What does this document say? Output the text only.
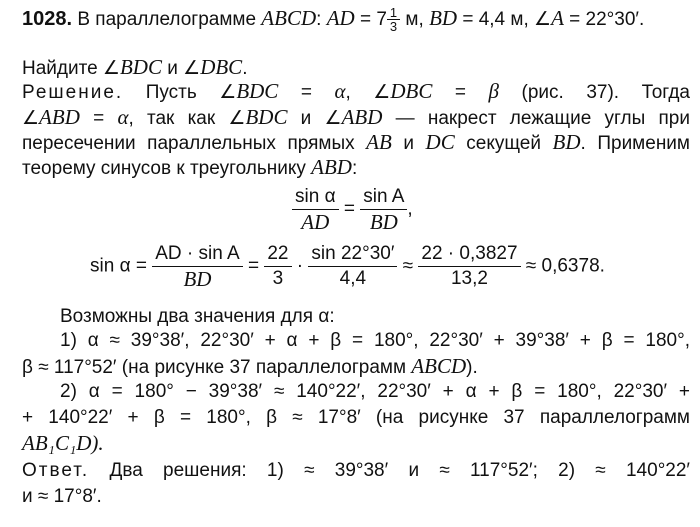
1028. В параллелограмме ABCD: AD = $7 \frac{1}{3} м$, BD = 4,4 м, ∠A = 22°30′.
Найдите ∠BDC и ∠DBC.
Решение. Пусть ∠BDC = α, ∠DBC = β (рис. 37). Тогда
∠ABD = α, так как ∠BDC и ∠ABD — накрест лежащие углы при
пересечении параллельных прямых AB и DC секущей BD. Применим
теорему синусов к треугольнику ABD:
$\frac{\text{sin α}}{AD} = \frac{\text{sin A}}{BD}$ ,
$\sin \alpha = \frac{\text{AD · sin A}}{BD} = \frac{22}{3} \cdot \frac{\sin 22^\circ 30'}{4,4} \approx \frac{22 \cdot 0,3827}{13,2} \approx 0,6378$.
Возможны два значения для α:
1) α ≈ 39°38′, 22°30′ + α + β = 180°, 22°30′ + 39°38′ + β = 180°,
β ≈ 117°52′ (на рисунке 37 параллелограмм ABCD).
2) α = 180° − 39°38′ ≈ 140°22′, 22°30′ + α + β = 180°, 22°30′ +
+ 140°22′ + β = 180°, β ≈ 17°8′ (на рисунке 37 параллелограмм
AB₁C₁D).
Ответ. Два решения: 1) ≈ 39°38′ и ≈ 117°52′; 2) ≈ 140°22′
и ≈ 17°8′.
